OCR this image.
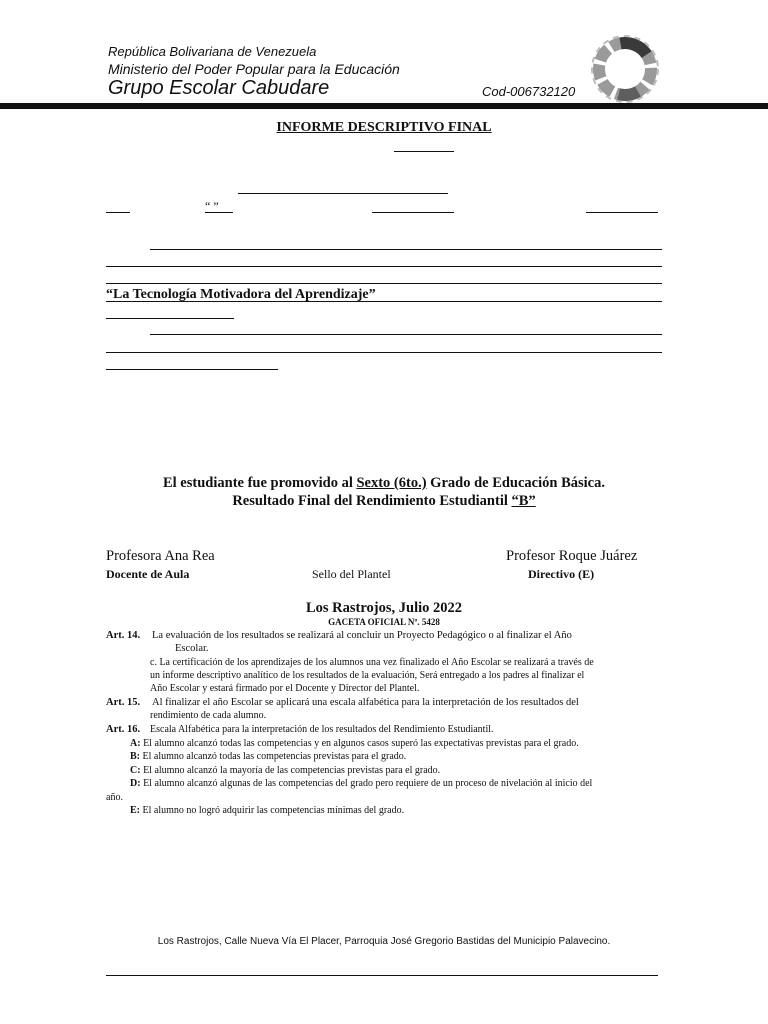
República Bolivariana de Venezuela
Ministerio del Poder Popular para la Educación
Grupo Escolar Cabudare	Cod-006732120
INFORME DESCRIPTIVO FINAL
“ ”
“La Tecnología Motivadora del Aprendizaje”
El estudiante fue promovido al Sexto (6to.) Grado de Educación Básica.
Resultado Final del Rendimiento Estudiantil “B”
Profesora Ana Rea
Docente de Aula	Sello del Plantel
Profesor Roque Juárez
Directivo (E)
Los Rastrojos, Julio 2022
GACETA OFICIAL Nº. 5428
Art. 14. La evaluación de los resultados se realizará al concluir un Proyecto Pedagógico o al finalizar el Año
Escolar.
c. La certificación de los aprendizajes de los alumnos una vez finalizado el Año Escolar se realizará a través de
un informe descriptivo analítico de los resultados de la evaluación, Será entregado a los padres al finalizar el
Año Escolar y estará firmado por el Docente y Director del Plantel.
Art. 15. Al finalizar el año Escolar se aplicará una escala alfabética para la interpretación de los resultados del
rendimiento de cada alumno.
Art. 16. Escala Alfabética para la interpretación de los resultados del Rendimiento Estudiantil.
A: El alumno alcanzó todas las competencias y en algunos casos superó las expectativas previstas para el grado.
B: El alumno alcanzó todas las competencias previstas para el grado.
C: El alumno alcanzó la mayoría de las competencias previstas para el grado.
D: El alumno alcanzó algunas de las competencias del grado pero requiere de un proceso de nivelación al inicio del
año.
E: El alumno no logró adquirir las competencias mínimas del grado.
Los Rastrojos, Calle Nueva Vía El Placer, Parroquia José Gregorio Bastidas del Municipio Palavecino.
